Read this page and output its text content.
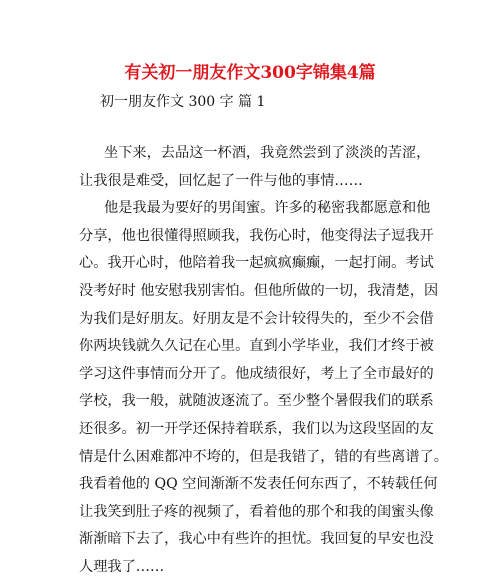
有关初一朋友作文300字锦集4篇
初一朋友作文 300 字 篇 1
坐下来，去品这一杯酒，我竟然尝到了淡淡的苦涩，
让我很是难受，回忆起了一件与他的事情……
他是我最为要好的男闺蜜。许多的秘密我都愿意和他
分享，他也很懂得照顾我，我伤心时，他变得法子逗我开
心。我开心时，他陪着我一起疯疯癫癫，一起打闹。考试
没考好时 他安慰我别害怕。但他所做的一切，我清楚，因
为我们是好朋友。好朋友是不会计较得失的，至少不会借
你两块钱就久久记在心里。直到小学毕业，我们才终于被
学习这件事情而分开了。他成绩很好，考上了全市最好的
学校，我一般，就随波逐流了。至少整个暑假我们的联系
还很多。初一开学还保持着联系，我们以为这段坚固的友
情是什么困难都冲不垮的，但是我错了，错的有些离谱了。
我看着他的 QQ 空间渐渐不发表任何东西了，不转载任何
让我笑到肚子疼的视频了，看着他的那个和我的闺蜜头像
渐渐暗下去了，我心中有些许的担忧。我回复的早安也没
人理我了……
